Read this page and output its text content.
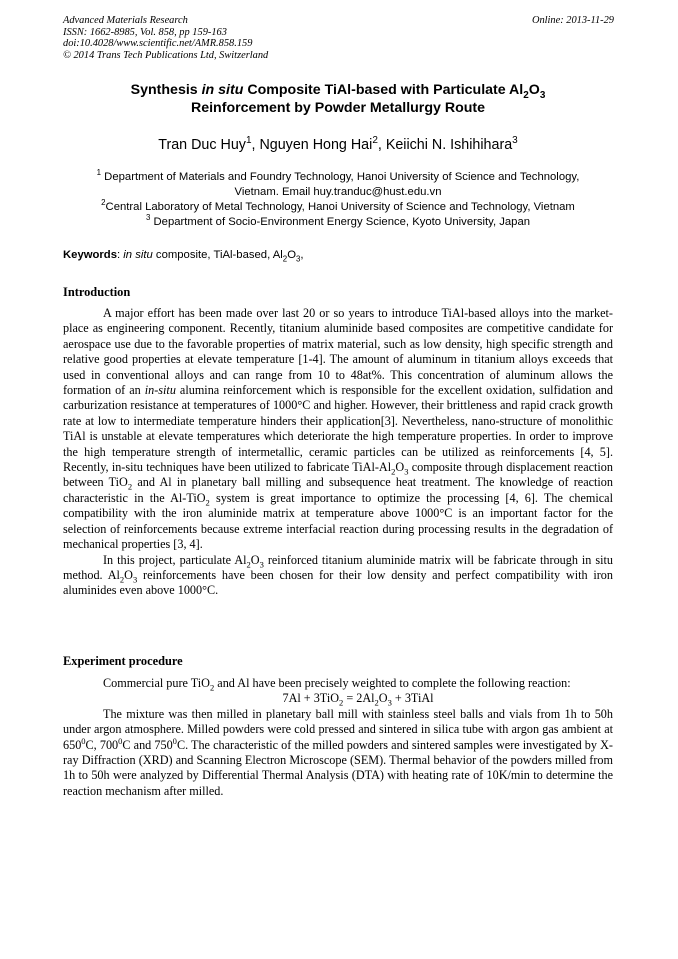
Advanced Materials Research
ISSN: 1662-8985, Vol. 858, pp 159-163
doi:10.4028/www.scientific.net/AMR.858.159
© 2014 Trans Tech Publications Ltd, Switzerland
Online: 2013-11-29
Synthesis in situ Composite TiAl-based with Particulate $Al_2O_3$
Reinforcement by Powder Metallurgy Route
Tran Duc Huy$^1$, Nguyen Hong Hai$^2$, Keiichi N. Ishihihara$^3$
$^1$ Department of Materials and Foundry Technology, Hanoi University of Science and Technology,
Vietnam. Email huy.tranduc@hust.edu.vn
$^2$Central Laboratory of Metal Technology, Hanoi University of Science and Technology, Vietnam
$^3$ Department of Socio-Environment Energy Science, Kyoto University, Japan
Keywords: in situ composite, TiAl-based, $Al_2O_3$,
Introduction

A major effort has been made over last 20 or so years to introduce TiAl-based alloys into the market- place as engineering component. Recently, titanium aluminide based composites are competitive candidate for aerospace use due to the favorable properties of matrix material, such as low density, high specific strength and relative good properties at elevate temperature [1-4]. The amount of aluminum in titanium alloys exceeds that used in conventional alloys and can range from 10 to 48at%. This concentration of aluminum allows the formation of an in-situ alumina reinforcement which is responsible for the excellent oxidation, sulfidation and carburization resistance at temperatures of 1000°C and higher. However, their brittleness and rapid crack growth rate at low to intermediate temperature hinders their application[3]. Nevertheless, nano-structure of monolithic TiAl is unstable at elevate temperatures which deteriorate the high temperature properties. In order to improve the high temperature strength of intermetallic, ceramic particles can be utilized as reinforcements [4, 5]. Recently, in-situ techniques have been utilized to fabricate TiAl-$Al_2O_3$ composite through displacement reaction between TiO$_2$ and Al in planetary ball milling and subsequence heat treatment. The knowledge of reaction characteristic in the Al-TiO$_2$ system is great importance to optimize the processing [4, 6]. The chemical compatibility with the iron aluminide matrix at temperature above 1000°C is an important factor for the selection of reinforcements because extreme interfacial reaction during processing results in the degradation of mechanical properties [3, 4].

In this project, particulate $Al_2O_3$ reinforced titanium aluminide matrix will be fabricate through in situ method. $Al_2O_3$ reinforcements have been chosen for their low density and perfect compatibility with iron aluminides even above 1000°C.

Experiment procedure

Commercial pure TiO$_2$ and Al have been precisely weighted to complete the following reaction:

$7Al + 3TiO_2 = 2Al_2O_3$ + 3TiAl

The mixture was then milled in planetary ball mill with stainless steel balls and vials from 1h to 50h under argon atmosphere. Milled powders were cold pressed and sintered in silica tube with argon gas ambient at $650^0C$, $700^0C$ and $750^0C$. The characteristic of the milled powders and sintered samples were investigated by X-ray Diffraction (XRD) and Scanning Electron Microscope (SEM). Thermal behavior of the powders milled from 1h to 50h were analyzed by Differential Thermal Analysis (DTA) with heating rate of 10K/min to determine the reaction mechanism after milled.
